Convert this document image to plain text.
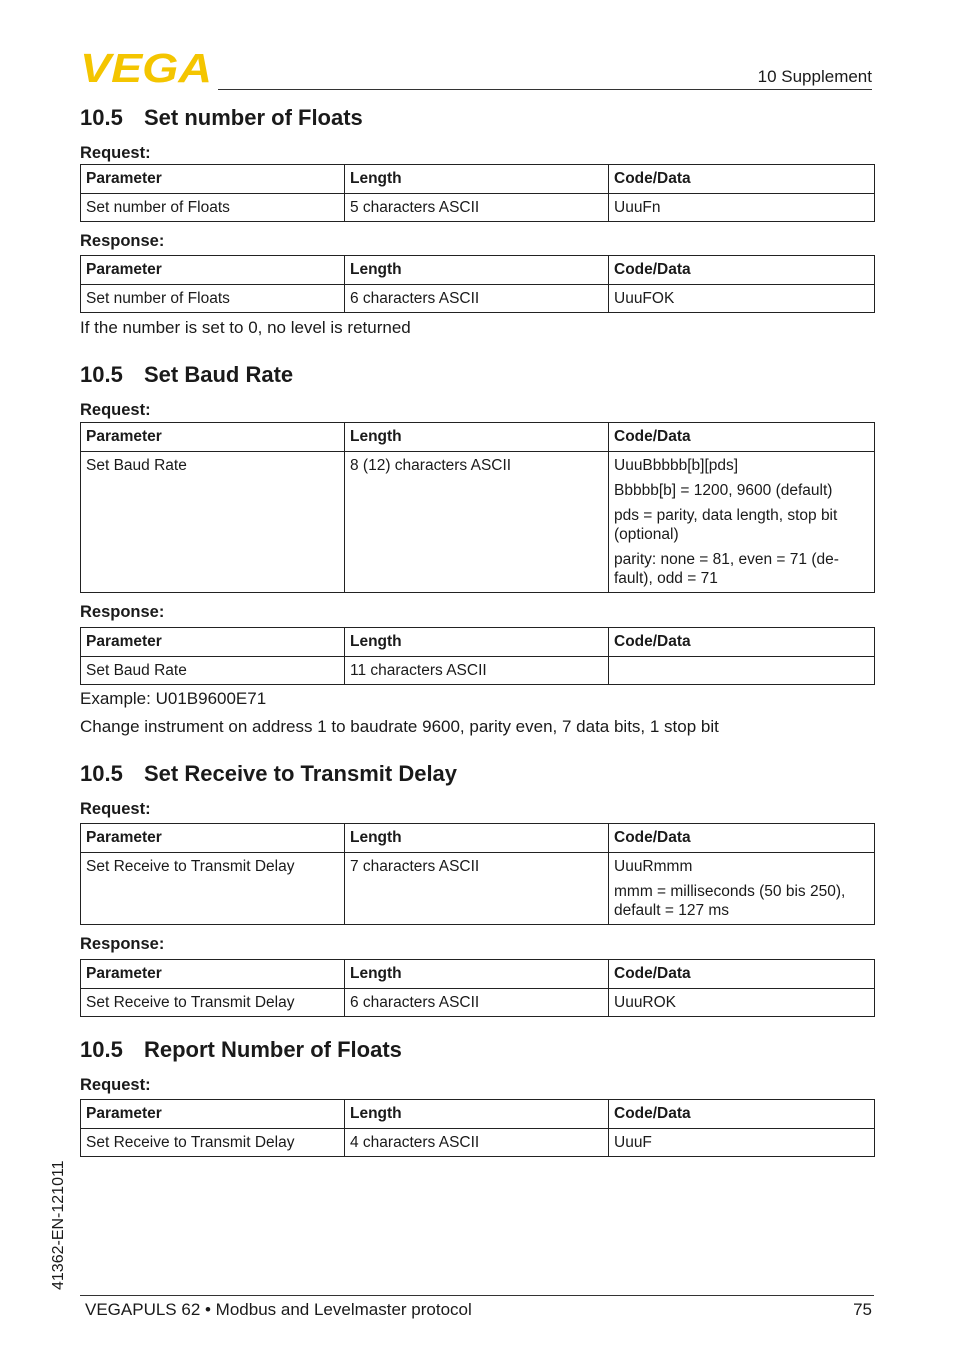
VEGA	10 Supplement
10.5 Set number of Floats

Request:

Parameter	Length	Code/Data
Set number of Floats	5 characters ASCII	UuuFn

Response:

Parameter	Length	Code/Data
Set number of Floats	6 characters ASCII	UuuFOK

If the number is set to 0, no level is returned

10.5 Set Baud Rate

Request:

Parameter	Length	Code/Data
Set Baud Rate	8 (12) characters ASCII	UuuBbbbb[b][pds]

Bbbbb[b] = 1200, 9600 (default)

pds = parity, data length, stop bit (optional)

parity: none = 81, even = 71 (de-fault), odd = 71

Response:

Parameter	Length	Code/Data
Set Baud Rate	11 characters ASCII	

Example: U01B9600E71

Change instrument on address 1 to baudrate 9600, parity even, 7 data bits, 1 stop bit

10.5 Set Receive to Transmit Delay

Request:

Parameter	Length	Code/Data
Set Receive to Transmit Delay	7 characters ASCII	UuuRmmm

mmm = milliseconds (50 bis 250), default = 127 ms

Response:

Parameter	Length	Code/Data
Set Receive to Transmit Delay	6 characters ASCII	UuuROK
10.5 Report Number of Floats

Request:

Parameter	Length	Code/Data
Set Receive to Transmit Delay	4 characters ASCII	UuuF
41362-EN-121011
VEGAPULS 62 • Modbus and Levelmaster protocol	75
